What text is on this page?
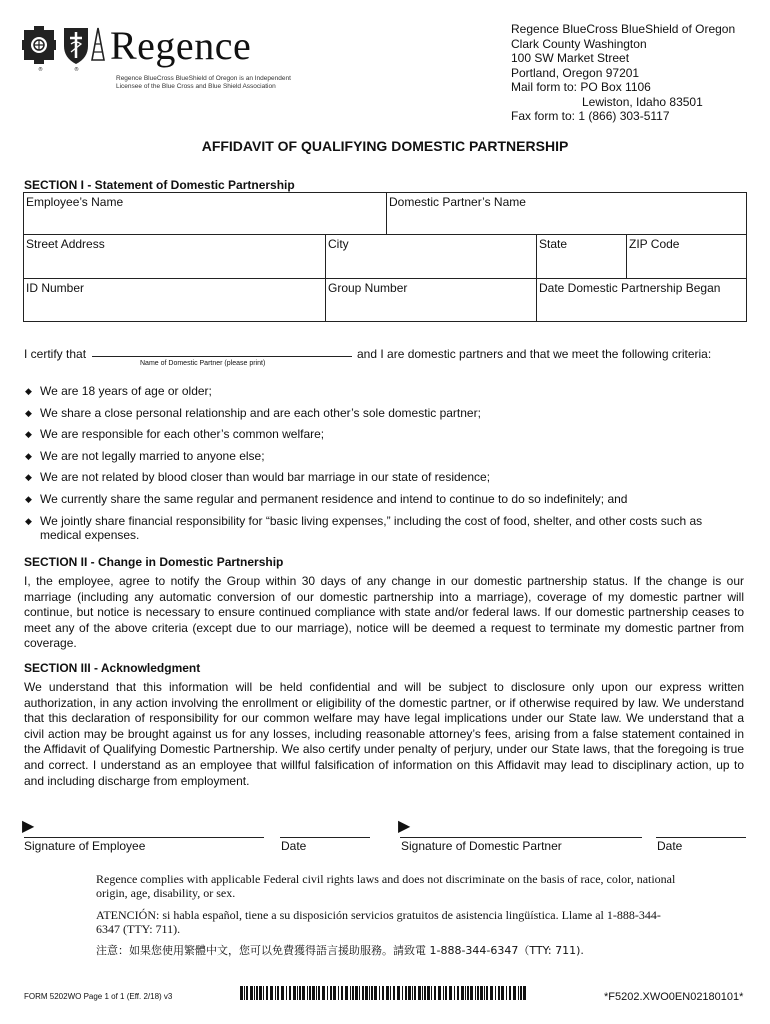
®	®
Regence
Regence BlueCross BlueShield of Oregon is an Independent
Licensee of the Blue Cross and Blue Shield Association
Regence BlueCross BlueShield of Oregon
Clark County Washington
100 SW Market Street
Portland, Oregon 97201
Mail form to: PO Box 1106
Lewiston, Idaho 83501
Fax form to: 1 (866) 303-5117
AFFIDAVIT OF QUALIFYING DOMESTIC PARTNERSHIP
SECTION I - Statement of Domestic Partnership
Employee’s Name	Domestic Partner’s Name
Street Address	City	State	ZIP Code
ID Number	Group Number	Date Domestic Partnership Began
I certify that
Name of Domestic Partner (please print)
and I are domestic partners and that we meet the following criteria:
◆ We are 18 years of age or older;
◆ We share a close personal relationship and are each other’s sole domestic partner;
◆ We are responsible for each other’s common welfare;
◆ We are not legally married to anyone else;
◆ We are not related by blood closer than would bar marriage in our state of residence;
◆ We currently share the same regular and permanent residence and intend to continue to do so indefinitely; and
◆ We jointly share financial responsibility for “basic living expenses,” including the cost of food, shelter, and other costs such as medical expenses.
SECTION II - Change in Domestic Partnership
I, the employee, agree to notify the Group within 30 days of any change in our domestic partnership status. If the change is our marriage (including any automatic conversion of our domestic partnership into a marriage), coverage of my domestic partner will continue, but notice is necessary to ensure continued compliance with state and/or federal laws. If our domestic partnership ceases to meet any of the above criteria (except due to our marriage), notice will be deemed a request to terminate my domestic partner from coverage.
SECTION III - Acknowledgment
We understand that this information will be held confidential and will be subject to disclosure only upon our express written authorization, in any action involving the enrollment or eligibility of the domestic partner, or if otherwise required by law. We understand that this declaration of responsibility for our common welfare may have legal implications under our State law. We understand that a civil action may be brought against us for any losses, including reasonable attorney’s fees, arising from a false statement contained in the Affidavit of Qualifying Domestic Partnership. We also certify under penalty of perjury, under our State laws, that the foregoing is true and correct. I understand as an employee that willful falsification of information on this Affidavit may lead to disciplinary action, up to and including discharge from employment.
▶	▶
Signature of Employee	Date	Signature of Domestic Partner	Date
Regence complies with applicable Federal civil rights laws and does not discriminate on the basis of race, color, national origin, age, disability, or sex.
ATENCIÓN: si habla español, tiene a su disposición servicios gratuitos de asistencia lingüística. Llame al 1-888-344-6347 (TTY: 711).
注意：如果您使用繁體中文，您可以免費獲得語言援助服務。請致電 1-888-344-6347（TTY: 711).
FORM 5202WO Page 1 of 1 (Eff. 2/18) v3	*F5202.XWO0EN02180101*
